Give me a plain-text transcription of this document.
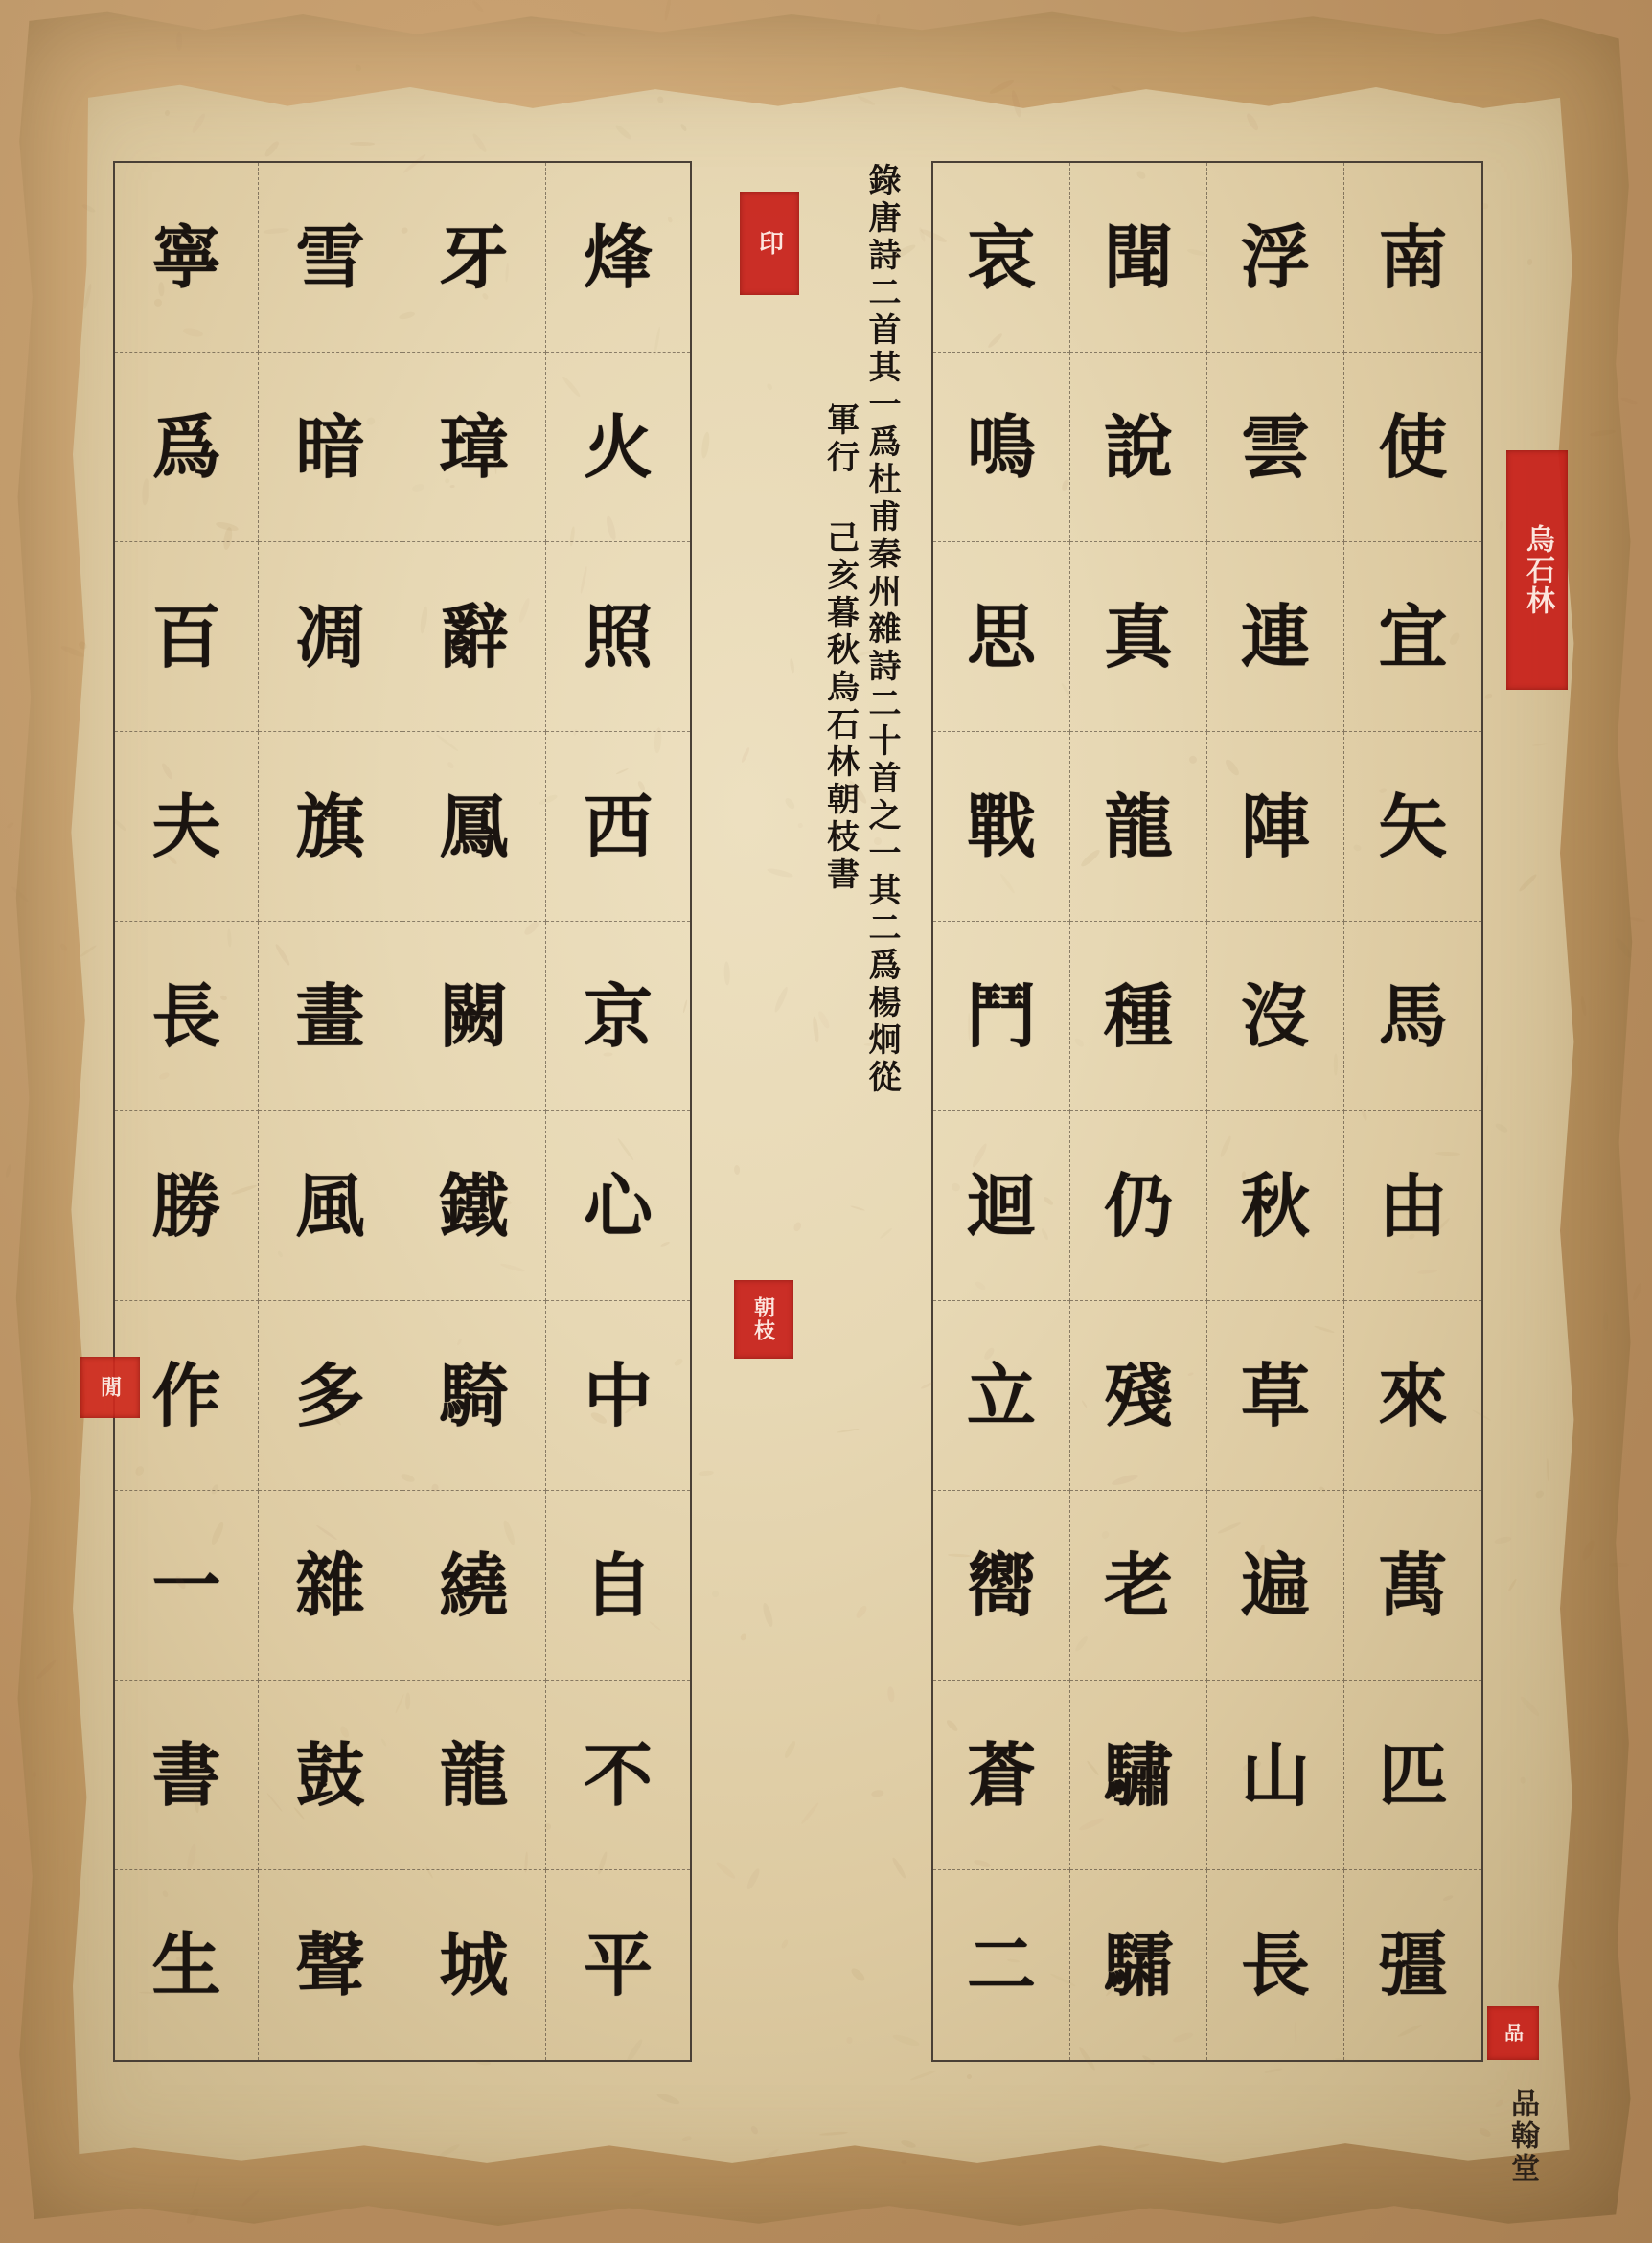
哀 聞 浮 南
鳴 說 雲 使
思 真 連 宜
戰 龍 陣 矢
鬥 種 沒 馬
迴 仍 秋 由
立 殘 草 來
嚮 老 遍 萬
蒼 驌 山 匹
二 驦 長 彊
寧	雪	牙	烽
爲	暗	璋	火
百	凋	辭	照
夫	旗	鳳	西
長	畫	闕	京
勝	風	鐵	心
作	多	騎	中
一	雜	繞	自
書	鼓	龍	不
生	聲	城	平
錄唐詩二首其一爲杜甫秦州雜詩二十首之一其二爲楊炯從
軍行 己亥暮秋烏石林朝枝書
印
烏石林
朝枝
閒
品
品翰堂
